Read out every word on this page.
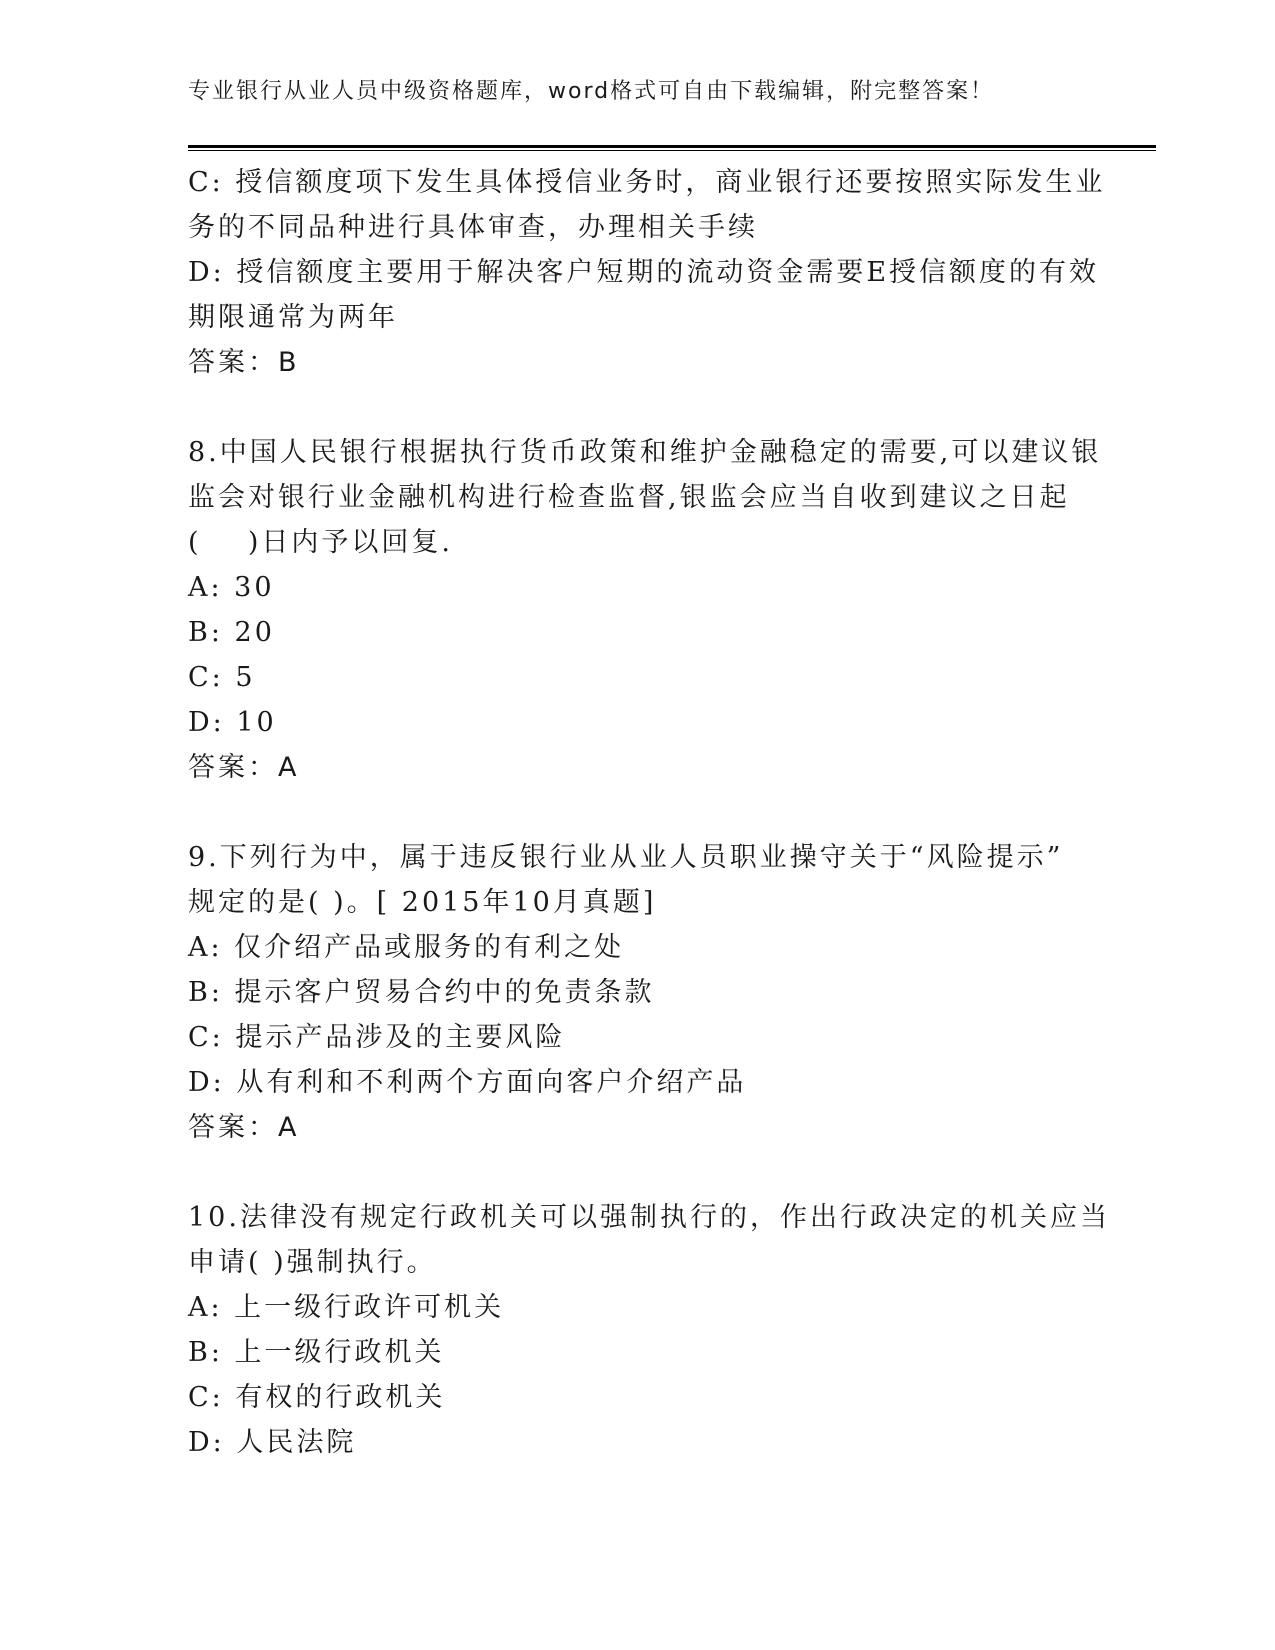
专业银行从业人员中级资格题库，word格式可自由下载编辑，附完整答案！
C: 授信额度项下发生具体授信业务时，商业银行还要按照实际发生业
务的不同品种进行具体审查，办理相关手续
D: 授信额度主要用于解决客户短期的流动资金需要E授信额度的有效
期限通常为两年
答案：B
8.中国人民银行根据执行货币政策和维护金融稳定的需要,可以建议银
监会对银行业金融机构进行检查监督,银监会应当自收到建议之日起
(    )日内予以回复.
A: 30
B: 20
C: 5
D: 10
答案：A
9.下列行为中，属于违反银行业从业人员职业操守关于“风险提示”
规定的是( )。[ 2015年10月真题]
A: 仅介绍产品或服务的有利之处
B: 提示客户贸易合约中的免责条款
C: 提示产品涉及的主要风险
D: 从有利和不利两个方面向客户介绍产品
答案：A
10.法律没有规定行政机关可以强制执行的，作出行政决定的机关应当
申请( )强制执行。
A: 上一级行政许可机关
B: 上一级行政机关
C: 有权的行政机关
D: 人民法院
